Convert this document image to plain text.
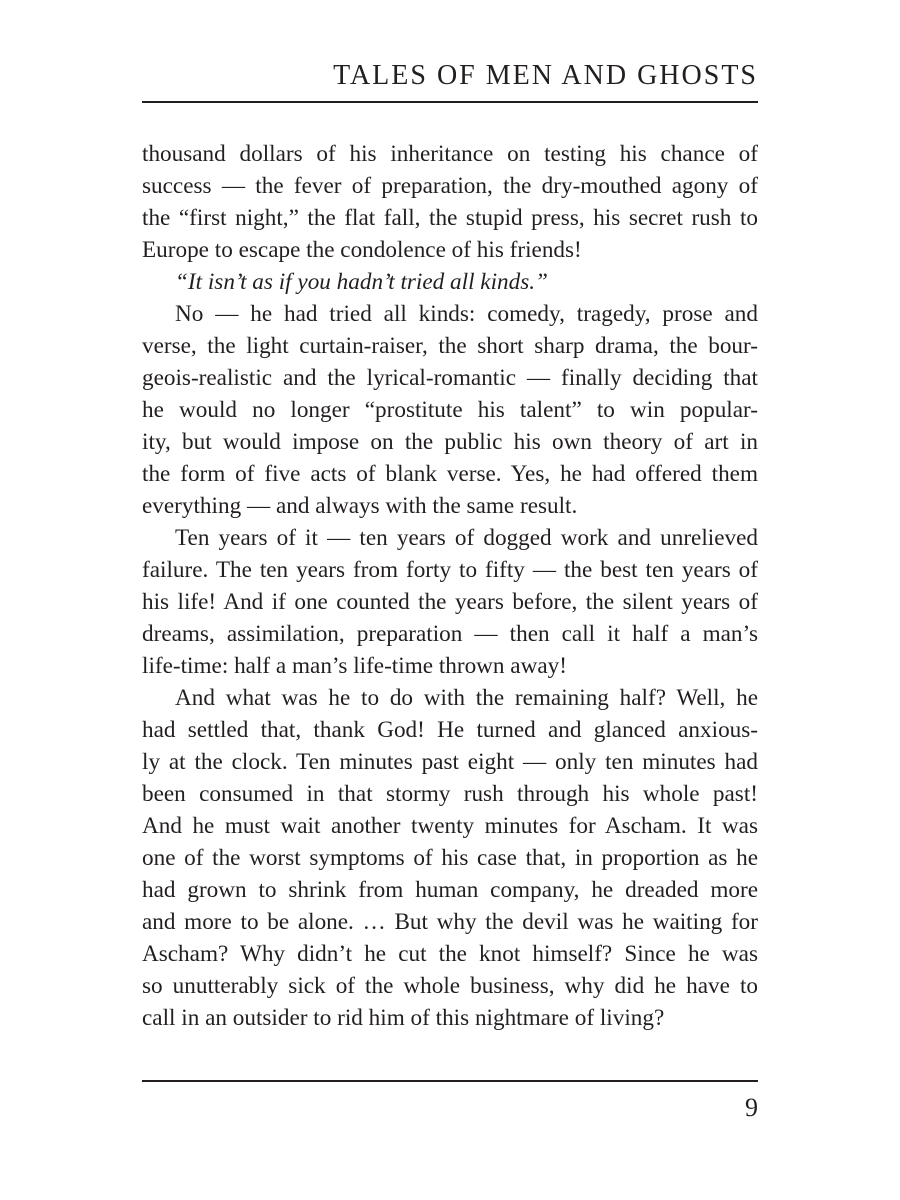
TALES OF MEN AND GHOSTS
thousand dollars of his inheritance on testing his chance of
success — the fever of preparation, the dry-mouthed agony of
the “first night,” the flat fall, the stupid press, his secret rush to
Europe to escape the condolence of his friends!
“It isn’t as if you hadn’t tried all kinds.”
No — he had tried all kinds: comedy, tragedy, prose and
verse, the light curtain-raiser, the short sharp drama, the bour-
geois-realistic and the lyrical-romantic — finally deciding that
he would no longer “prostitute his talent” to win popular-
ity, but would impose on the public his own theory of art in
the form of five acts of blank verse. Yes, he had offered them
everything — and always with the same result.
Ten years of it — ten years of dogged work and unrelieved
failure. The ten years from forty to fifty — the best ten years of
his life! And if one counted the years before, the silent years of
dreams, assimilation, preparation — then call it half a man’s
life-time: half a man’s life-time thrown away!
And what was he to do with the remaining half? Well, he
had settled that, thank God! He turned and glanced anxious-
ly at the clock. Ten minutes past eight — only ten minutes had
been consumed in that stormy rush through his whole past!
And he must wait another twenty minutes for Ascham. It was
one of the worst symptoms of his case that, in proportion as he
had grown to shrink from human company, he dreaded more
and more to be alone. … But why the devil was he waiting for
Ascham? Why didn’t he cut the knot himself? Since he was
so unutterably sick of the whole business, why did he have to
call in an outsider to rid him of this nightmare of living?
9
